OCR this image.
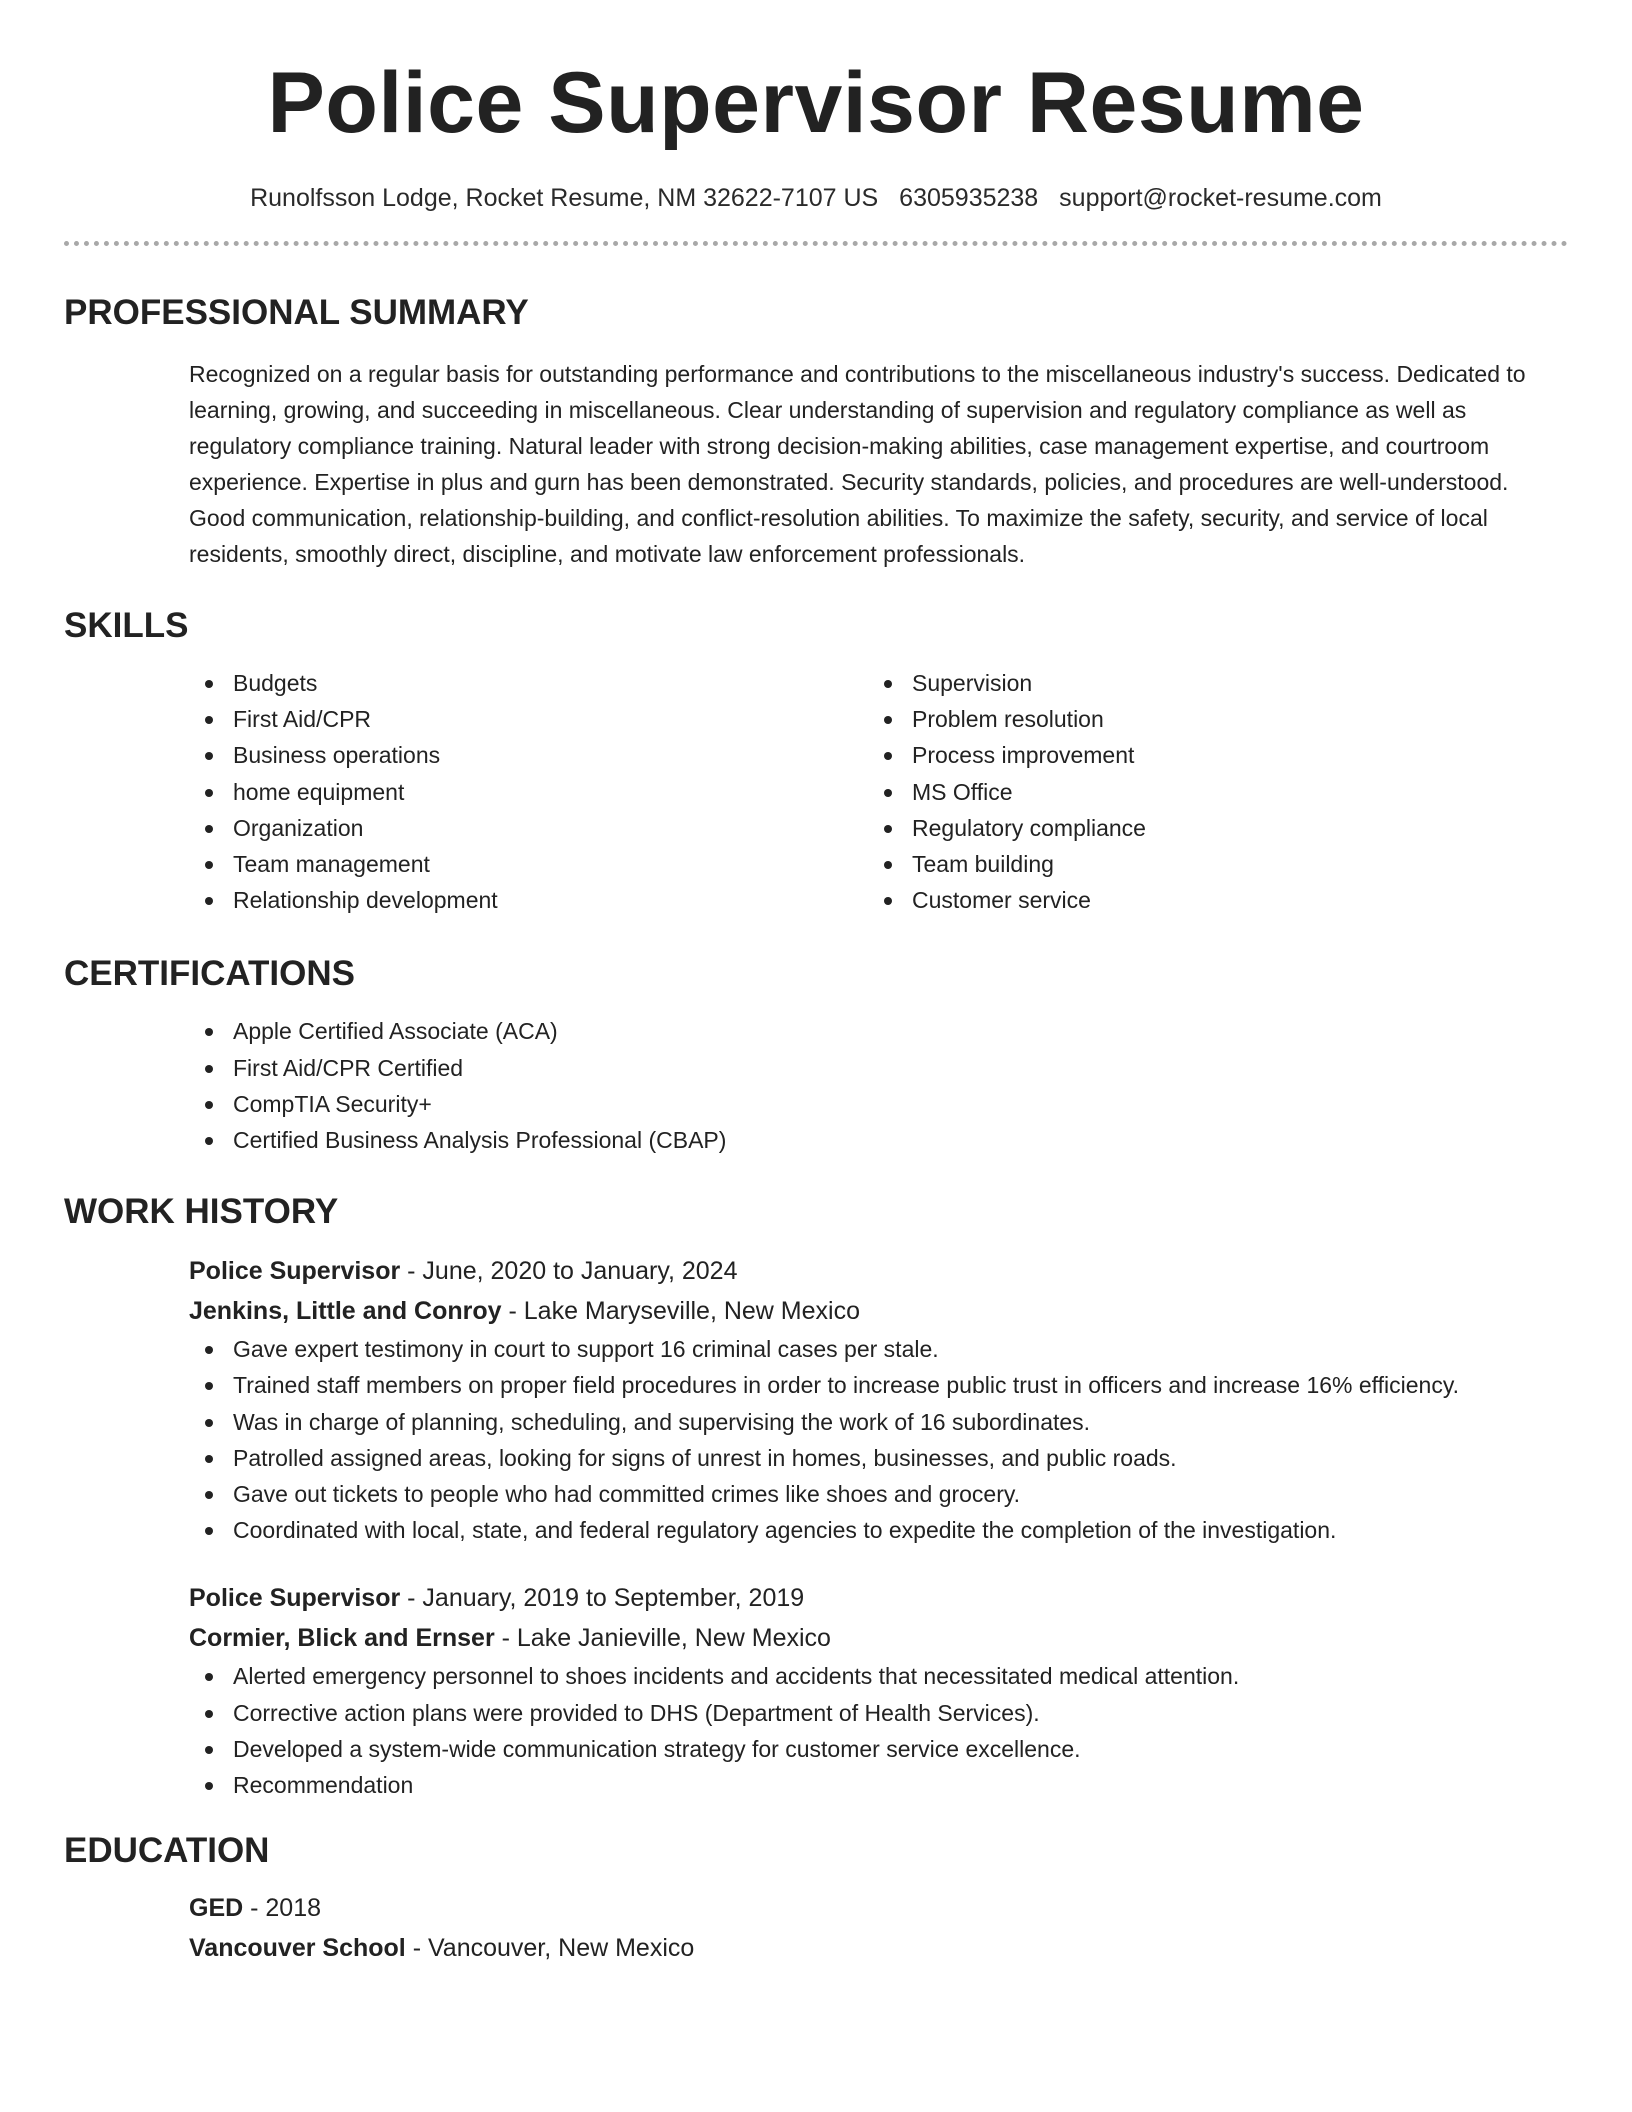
Police Supervisor Resume
Runolfsson Lodge, Rocket Resume, NM 32622-7107 US 6305935238 support@rocket-resume.com
PROFESSIONAL SUMMARY
Recognized on a regular basis for outstanding performance and contributions to the miscellaneous industry's success. Dedicated to learning, growing, and succeeding in miscellaneous. Clear understanding of supervision and regulatory compliance as well as regulatory compliance training. Natural leader with strong decision-making abilities, case management expertise, and courtroom experience. Expertise in plus and gurn has been demonstrated. Security standards, policies, and procedures are well-understood. Good communication, relationship-building, and conflict-resolution abilities. To maximize the safety, security, and service of local residents, smoothly direct, discipline, and motivate law enforcement professionals.
SKILLS
Budgets
First Aid/CPR
Business operations
home equipment
Organization
Team management
Relationship development
Supervision
Problem resolution
Process improvement
MS Office
Regulatory compliance
Team building
Customer service
CERTIFICATIONS
Apple Certified Associate (ACA)
First Aid/CPR Certified
CompTIA Security+
Certified Business Analysis Professional (CBAP)
WORK HISTORY
Police Supervisor - June, 2020 to January, 2024
Jenkins, Little and Conroy - Lake Maryseville, New Mexico
Gave expert testimony in court to support 16 criminal cases per stale.
Trained staff members on proper field procedures in order to increase public trust in officers and increase 16% efficiency.
Was in charge of planning, scheduling, and supervising the work of 16 subordinates.
Patrolled assigned areas, looking for signs of unrest in homes, businesses, and public roads.
Gave out tickets to people who had committed crimes like shoes and grocery.
Coordinated with local, state, and federal regulatory agencies to expedite the completion of the investigation.
Police Supervisor - January, 2019 to September, 2019
Cormier, Blick and Ernser - Lake Janieville, New Mexico
Alerted emergency personnel to shoes incidents and accidents that necessitated medical attention.
Corrective action plans were provided to DHS (Department of Health Services).
Developed a system-wide communication strategy for customer service excellence.
Recommendation
EDUCATION
GED - 2018
Vancouver School - Vancouver, New Mexico
